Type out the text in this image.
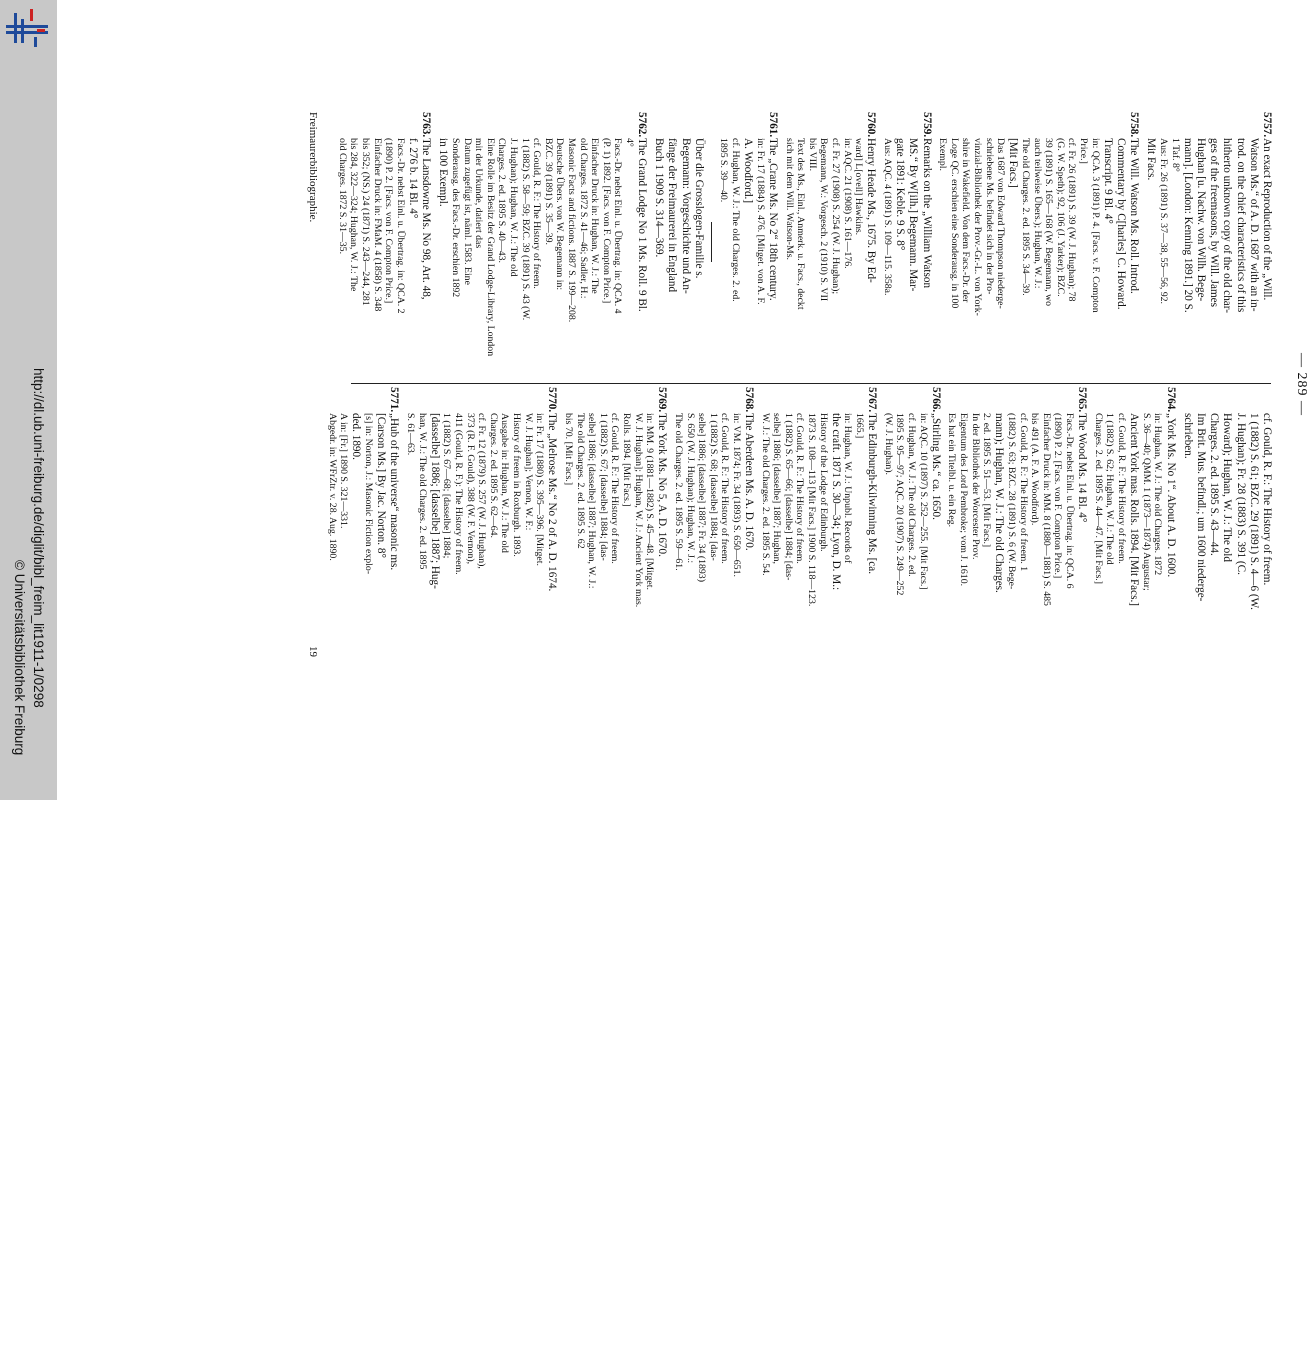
http://dl.ub.uni-freiburg.de/diglit/bibl_freim_lit1911-1/0298
© Universitätsbibliothek Freiburg
— 289 —
5757.
An exact Reproduction of the „Will.
Watson Ms.“ of A. D. 1687 with an in-
trod. on the chief characteristics of this
hitherto unknown copy of the old char-
ges of the freemasons, by Will. James
Hughan [u. Nachw. von Wilh. Bege-
mann]. [London: Kenning 1891.] 20 S.
1 Taf. 8°
Aus: Fr. 26 (1891) S. 37—38, 55—56, 92.
Mit Facs.
5758.
The Will. Watson Ms. Roll. Introd.
Commentary by C[harles] C. Howard.
Transcript. 9 Bl. 4°
in: QCA. 3 (1891) P. 4. [Facs. v. F. Compton
Price.]
cf. Fr. 26 (1891) S. 39 (W. J. Hughan); 78
(G. W. Speth); 92, 106 (J. Yarker); BZC.
39 (1891) S. 165—168 (W. Begemann, wo
auch teilweise Übers.); Hughan, W. J.:
The old Charges. 2. ed. 1895 S. 34—39.
[Mit Facs.]
Das 1687 von Edward Thompson niederge-
schriebene Ms. befindet sich in der Pro-
vinzial-Bibliothek der Prov.-Gr.-L. von York-
shire in Wakefield. Von dem Facs.-Dr. der
Loge QC. erschien eine Sonderausg. in 100
Exempl.
5759.
Remarks on the „William Watson
MS.“ By W[ilh.] Begemann. Mar-
gate 1891: Keble. 9 S. 8°
Aus: AQC. 4 (1891) S. 109—115. 358a.
5760.
Henry Heade Ms., 1675. By Ed-
ward] L[ovell] Hawkins.
in: AQC. 21 (1908) S. 161—176.
cf. Fr. 27 (1908) S. 254 (W. J. Hughan);
Begemann, W.: Vorgesch. 2 (1910) S. VII
bis VIII.
Text des Ms., Einl., Anmerk. u. Facs., deckt
sich mit dem Will. Watson-Ms.
5761.
The „Crane Ms. No 2“ 18th century.
in: Fr. 17 (1884) S. 476. [Mitget. von A. F.
A. Woodford.]
cf. Hughan, W. J.: The old Charges. 2. ed.
1895 S. 39—40.
Über die Grosslogen-Familie s.
Begemann: Vorgeschichte und An-
fänge der Freimaurerei in England
Buch 1 1909 S. 314—369.
5762.
The Grand Lodge No 1 Ms. Roll. 9 Bl.
4°
Facs.-Dr. nebst Einl. u. Übertrag. in: QCA. 4
(P. 1) 1892. [Facs. von F. Compton Price.]
Einfacher Druck in: Hughan, W. J.: The
old Charges. 1872 S. 41—46; Sadler, H.:
Masonic Facts and fictions. 1887 S. 199—208.
Deutsche Übers. von W. Begemann in:
BZC. 39 (1891) S. 35—39.
cf. Gould, R. F.: The History of freem.
1 (1882) S. 58—59; BZC. 39 (1891) S. 43 (W.
J. Hughan); Hughan, W. J.: The old
Charges. 2. ed. 1895 S. 40—43.
Eine Rolle im Besitz der Grand Lodge-Library, London
mit der Urkunde, datiert das
Datum zugefügt ist, näml. 1583. Eine
Sonderausg. des Facs.-Dr. erschien 1892
in 100 Exempl.
5763.
The Lansdowne Ms. No 98, Art. 48,
f. 276 b. 14 Bl. 4°
Facs.-Dr. nebst Einl. u. Übertrag. in: QCA. 2
(1890) P. 2. [Facs. von F. Compton Price.]
Einfacher Druck in: FMaM. 4 (1858) S. 348
bis 352; (NS.) 24 (1871) S. 243—244, 281
bis 284, 322—324; Hughan, W. J.: The
old Charges. 1872 S. 31—35.
cf. Gould, R. F.: The History of freem.
1 (1882) S. 61; BZC. 29 (1891) S. 4—6 (W.
J. Hughan); Fr. 28 (1883) S. 391 (C.
Howard); Hughan, W. J.: The old
Charges. 2. ed. 1895 S. 43—44.
Im Brit. Mus. befindl.; um 1600 niederge-
schrieben.
5764.
„York Ms. No 1“. About A. D. 1600.
in: Hughan, W. J.: The old Charges. 1872
S. 36—40; QMM. 1 (1873—1874) Augustar;
Ancient York mas. Rolls. 1894. [Mit Facs.]
cf. Gould, R. F.: The History of freem.
1 (1882) S. 62; Hughan, W. J.: The old
Charges. 2. ed. 1895 S. 44—47. [Mit Facs.]
5765.
The Wood Ms. 14 Bl. 4°
Facs.-Dr. nebst Einl. u. Übertrag. in: QCA. 6
(1890) P. 2. [Facs. von F. Compton Price.]
Einfacher Druck in: MM. 8 (1880—1881) S. 485
bis 491 (A. F. A. Woodford).
cf. Gould, R. F.: The History of freem. 1
(1882) S. 63; BZC. 28 (1891) S. 6 (W. Bege-
mann); Hughan, W. J.: The old Charges.
2. ed. 1895 S. 51—53. [Mit Facs.]
In der Bibliothek der Worcester Prov.
Eigentum des Lord Pembroke; vom J. 1610.
Es hat ein Titelbl. u. ein Reg.
5766.
„Stirling Ms.“ ca. 1650.
in: AQC. 10 (1897) S. 252—255. [Mit Facs.]
cf. Hughan, W. J.: The old Charges. 2. ed.
1895 S. 95—97; AQC. 20 (1907) S. 249—252
(W. J. Hughan).
5767.
The Edinburgh-Kilwinning Ms. [ca.
1665.]
in: Hughan, W. J.: Unpubl. Records of
the craft. 1871 S. 30—34; Lyon, D. M.:
History of the Lodge of Edinburgh.
1873 S. 108—113 [Mit Facs.] 1900 S. 118—123.
cf. Gould, R. F.: The History of freem.
1 (1882) S. 65—66; [dasselbe] 1884; [das-
selbe] 1886; [dasselbe] 1887; Hughan,
W. J.: The old Charges. 2. ed. 1895 S. 54.
5768.
The Aberdeen Ms. A. D. 1670.
in: VM. 1874; Fr. 34 (1893) S. 650—651.
cf. Gould, R. F.: The History of freem.
1 (1882) S. 68; [dasselbe] 1884; [das-
selbe] 1886; [dasselbe] 1887; Fr. 34 (1893)
S. 650 (W. J. Hughan); Hughan, W. J.:
The old Charges. 2. ed. 1895 S. 59—61.
5769.
The York Ms. No 5, A. D. 1670.
in: MM. 9 (1881—1882) S. 45—48. [Mitget.
W. J. Hughan]; Hughan, W. J.: Ancient York mas.
Rolls. 1894. [Mit Facs.]
cf. Gould, R. F.: The History of freem.
1 (1882) S. 67; [dasselbe] 1884; [das-
selbe] 1886; [dasselbe] 1887; Hughan, W. J.:
The old Charges. 2. ed. 1895 S. 62
bis 70. [Mit Facs.]
5770.
The „Melrose Ms.“ No 2 of A. D. 1674.
in: Fr. 17 (1880) S. 395—396. [Mitget.
W. J. Hughan]; Vernon, W. F.:
History of freem in Roxburgh. 1893.
Ausgabe in: Hughan, W. J.: The old
Charges. 2. ed. 1895 S. 62—64.
cf. Fr. 12 (1879) S. 257 (W. J. Hughan),
373 (R. F. Gould), 388 (W. F. Vernon),
411 (Gould, R. F.): The History of freem.
1 (1882) S. 67—68; [dasselbe] 1884;
[dasselbe] 1886; [dasselbe] 1887; Hug-
han, W. J.: The old Charges. 2. ed. 1895
S. 61—63.
5771.
„Hub of the universe“ masonic ms.
[Carson Ms.] By Jac. Norton. 8°
[s] in: Norton, J.: Masonic Fiction explo-
ded. 1890.
A in: [Fr.] 1890 S. 321—331.
Abgedr. in: WFrZtr. v. 28. Aug. 1890.
Freimaurerbibliographie.
19
